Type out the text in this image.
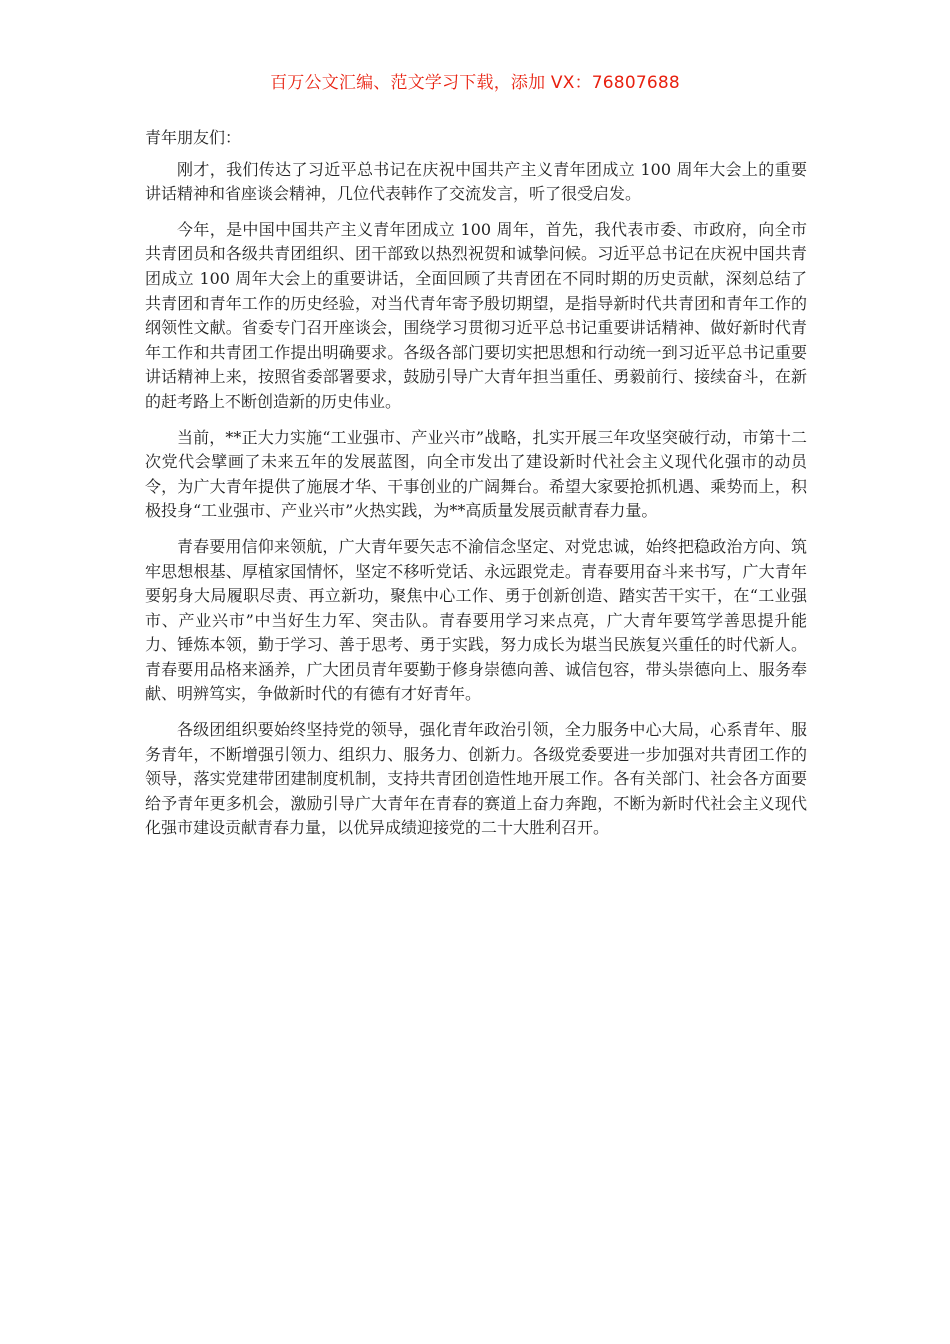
百万公文汇编、范文学习下载，添加 VX：76807688

青年朋友们：

刚才，我们传达了习近平总书记在庆祝中国共产主义青年团成立 100 周年大会上的重要讲话精神和省座谈会精神，几位代表韩作了交流发言，听了很受启发。

今年，是中国中国共产主义青年团成立 100 周年，首先，我代表市委、市政府，向全市共青团员和各级共青团组织、团干部致以热烈祝贺和诚挚问候。习近平总书记在庆祝中国共青团成立 100 周年大会上的重要讲话，全面回顾了共青团在不同时期的历史贡献，深刻总结了共青团和青年工作的历史经验，对当代青年寄予殷切期望，是指导新时代共青团和青年工作的纲领性文献。省委专门召开座谈会，围绕学习贯彻习近平总书记重要讲话精神、做好新时代青年工作和共青团工作提出明确要求。各级各部门要切实把思想和行动统一到习近平总书记重要讲话精神上来，按照省委部署要求，鼓励引导广大青年担当重任、勇毅前行、接续奋斗，在新的赶考路上不断创造新的历史伟业。

当前，**正大力实施“工业强市、产业兴市”战略，扎实开展三年攻坚突破行动，市第十二次党代会擘画了未来五年的发展蓝图，向全市发出了建设新时代社会主义现代化强市的动员令，为广大青年提供了施展才华、干事创业的广阔舞台。希望大家要抢抓机遇、乘势而上，积极投身“工业强市、产业兴市”火热实践，为**高质量发展贡献青春力量。

青春要用信仰来领航，广大青年要矢志不渝信念坚定、对党忠诚，始终把稳政治方向、筑牢思想根基、厚植家国情怀，坚定不移听党话、永远跟党走。青春要用奋斗来书写，广大青年要躬身大局履职尽责、再立新功，聚焦中心工作、勇于创新创造、踏实苦干实干，在“工业强市、产业兴市”中当好生力军、突击队。青春要用学习来点亮，广大青年要笃学善思提升能力、锤炼本领，勤于学习、善于思考、勇于实践，努力成长为堪当民族复兴重任的时代新人。青春要用品格来涵养，广大团员青年要勤于修身崇德向善、诚信包容，带头崇德向上、服务奉献、明辨笃实，争做新时代的有德有才好青年。

各级团组织要始终坚持党的领导，强化青年政治引领，全力服务中心大局，心系青年、服务青年，不断增强引领力、组织力、服务力、创新力。各级党委要进一步加强对共青团工作的领导，落实党建带团建制度机制，支持共青团创造性地开展工作。各有关部门、社会各方面要给予青年更多机会，激励引导广大青年在青春的赛道上奋力奔跑，不断为新时代社会主义现代化强市建设贡献青春力量，以优异成绩迎接党的二十大胜利召开。
